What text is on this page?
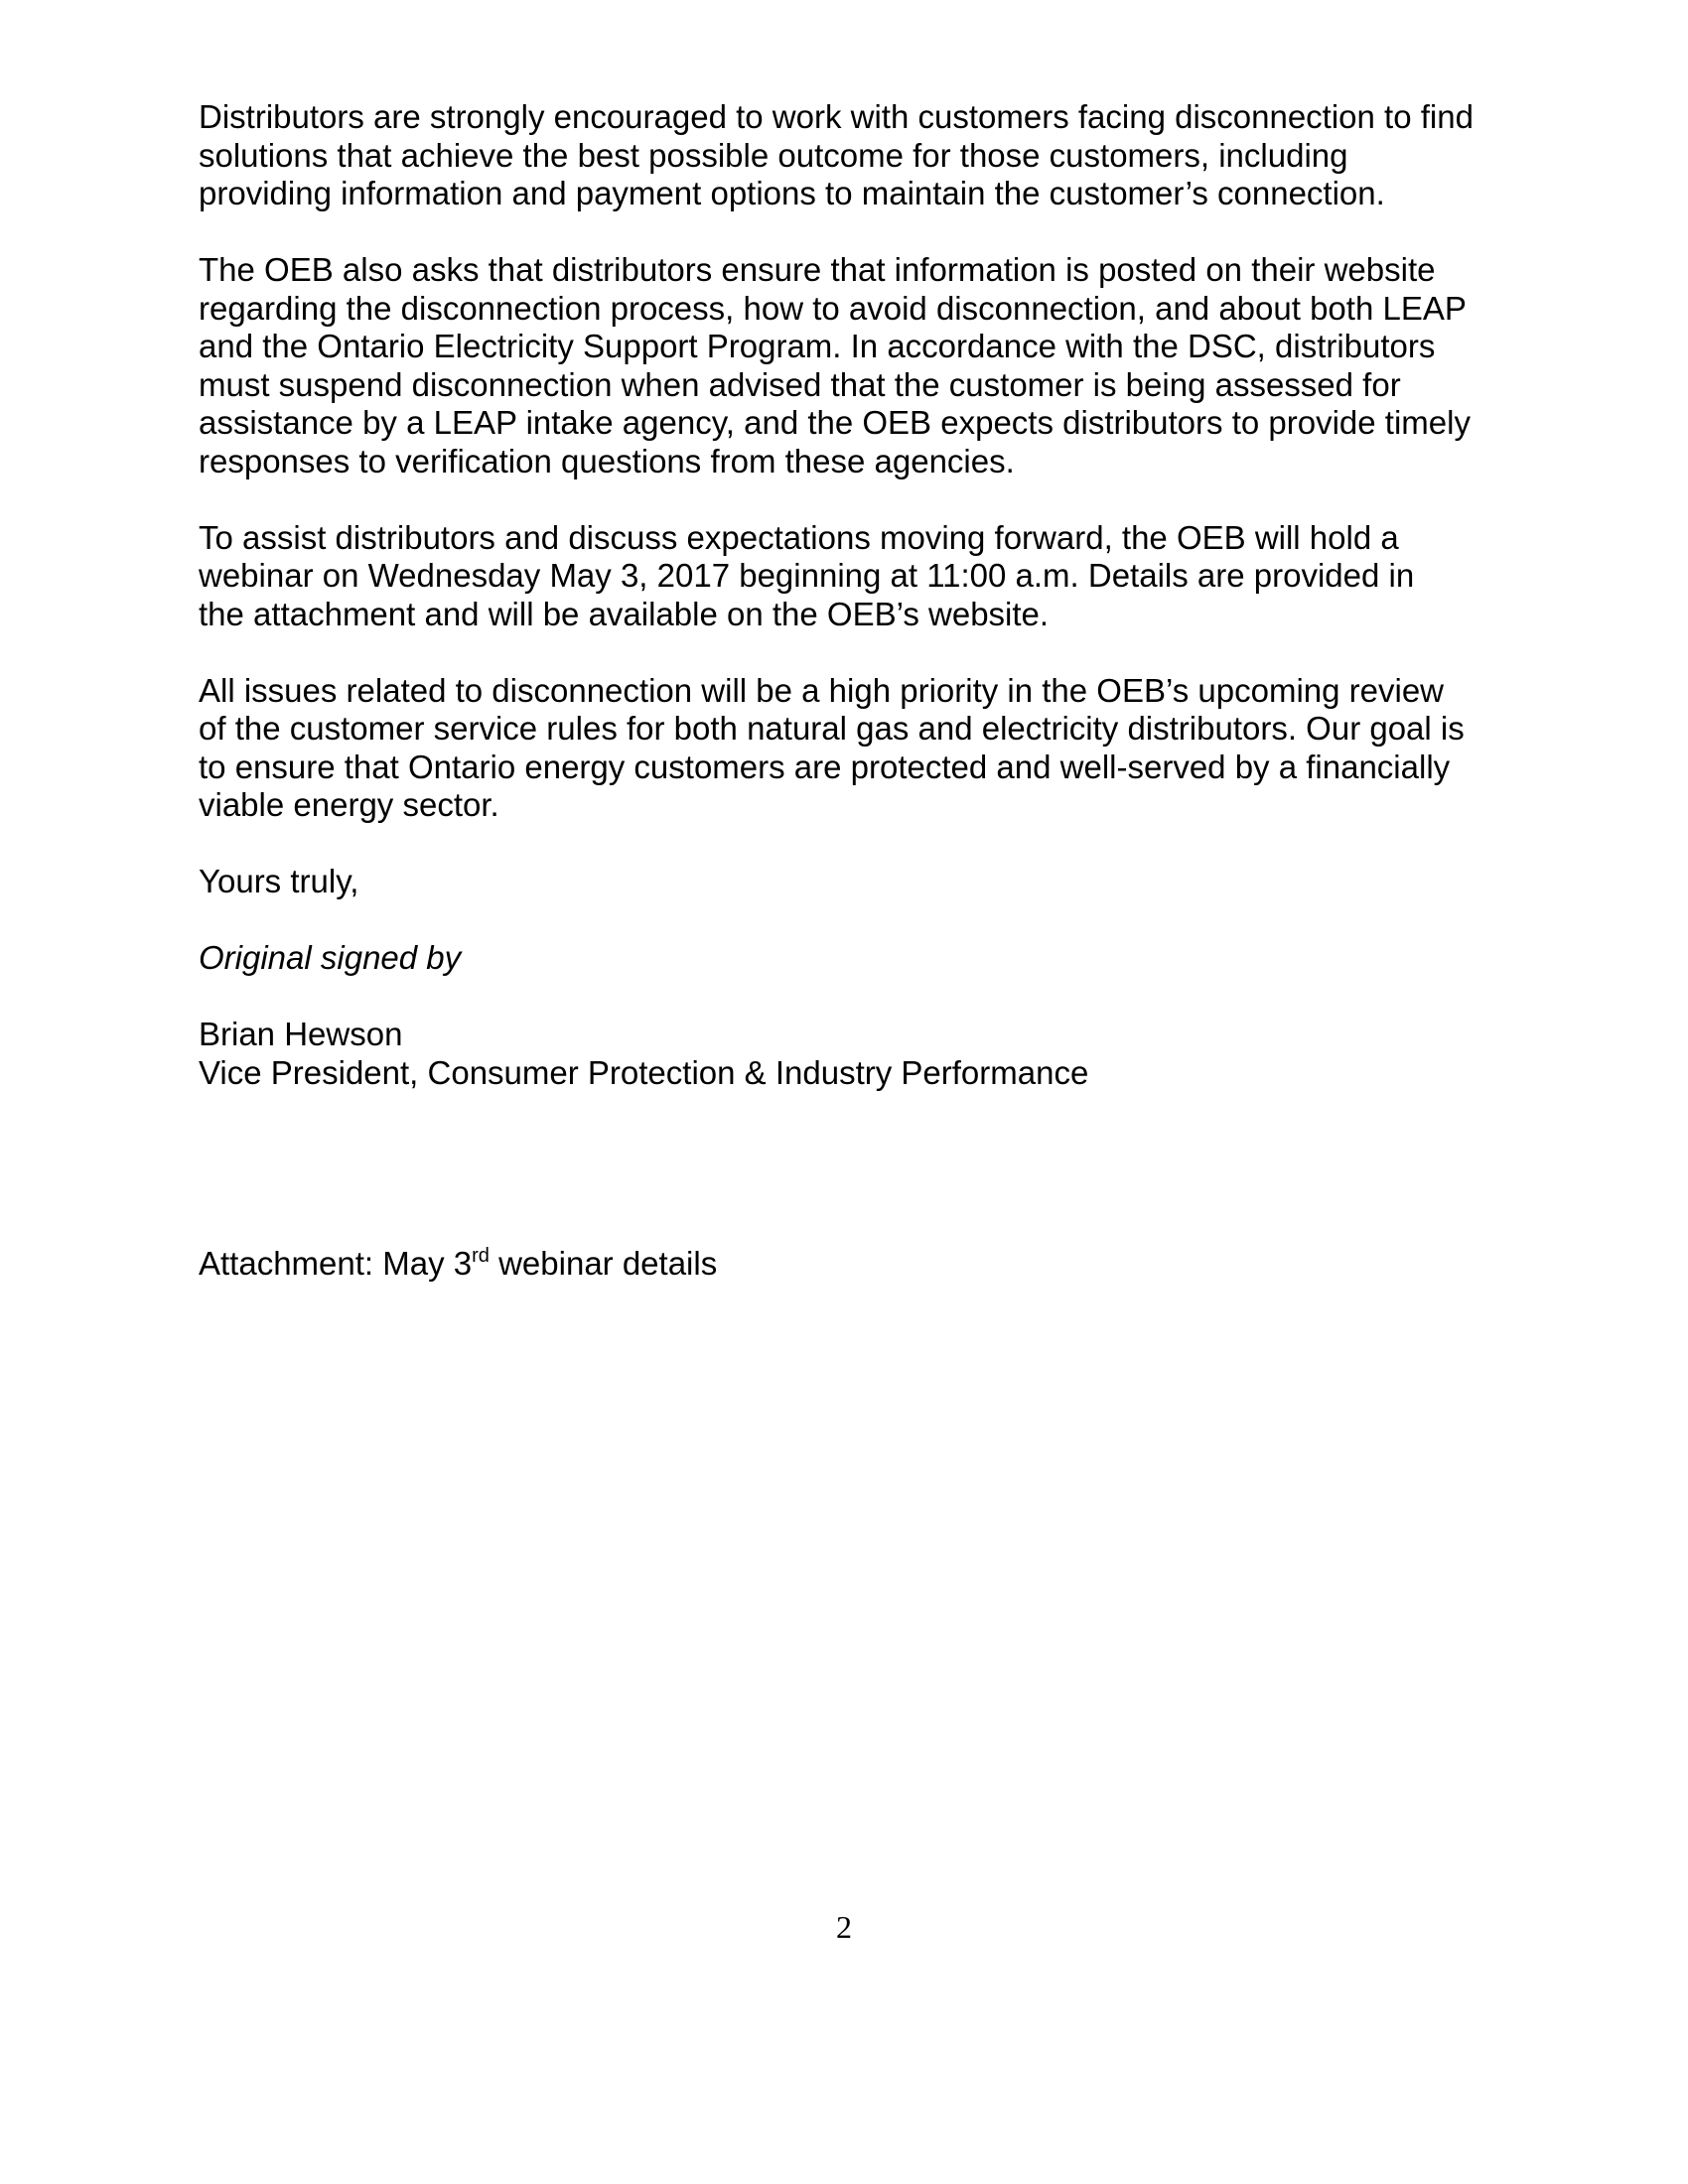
Distributors are strongly encouraged to work with customers facing disconnection to find
solutions that achieve the best possible outcome for those customers, including
providing information and payment options to maintain the customer’s connection.

The OEB also asks that distributors ensure that information is posted on their website
regarding the disconnection process, how to avoid disconnection, and about both LEAP
and the Ontario Electricity Support Program. In accordance with the DSC, distributors
must suspend disconnection when advised that the customer is being assessed for
assistance by a LEAP intake agency, and the OEB expects distributors to provide timely
responses to verification questions from these agencies.

To assist distributors and discuss expectations moving forward, the OEB will hold a
webinar on Wednesday May 3, 2017 beginning at 11:00 a.m. Details are provided in
the attachment and will be available on the OEB’s website.

All issues related to disconnection will be a high priority in the OEB’s upcoming review
of the customer service rules for both natural gas and electricity distributors. Our goal is
to ensure that Ontario energy customers are protected and well-served by a financially
viable energy sector.

Yours truly,

Original signed by

Brian Hewson
Vice President, Consumer Protection & Industry Performance

Attachment: May 3rd webinar details

2
